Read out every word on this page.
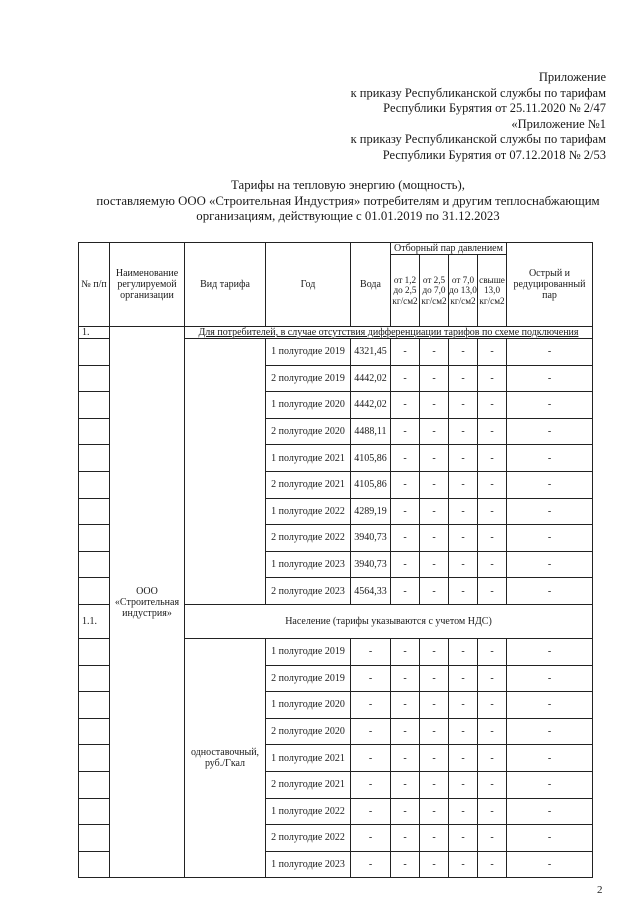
Приложение
к приказу Республиканской службы по тарифам
Республики Бурятия от 25.11.2020 № 2/47
«Приложение №1
к приказу Республиканской службы по тарифам
Республики Бурятия от 07.12.2018 № 2/53
Тарифы на тепловую энергию (мощность),
поставляемую ООО «Строительная Индустрия» потребителям и другим теплоснабжающим
организациям, действующие с 01.01.2019 по 31.12.2023
№ п/п	Наименование регулируемой организации	Вид тарифа	Год	Вода	Отборный пар давлением				Острый и редуцированный пар
					от 1,2 до 2,5 кг/см2	от 2,5 до 7,0 кг/см2	от 7,0 до 13,0 кг/см2	свыше 13,0 кг/см2	
1.	ООО «Строительная индустрия»	Для потребителей, в случае отсутствия дифференциации тарифов по схеме подключения							
			1 полугодие 2019	4321,45	-	-	-	-	-
			2 полугодие 2019	4442,02	-	-	-	-	-
			1 полугодие 2020	4442,02	-	-	-	-	-
			2 полугодие 2020	4488,11	-	-	-	-	-
			1 полугодие 2021	4105,86	-	-	-	-	-
			2 полугодие 2021	4105,86	-	-	-	-	-
			1 полугодие 2022	4289,19	-	-	-	-	-
			2 полугодие 2022	3940,73	-	-	-	-	-
			1 полугодие 2023	3940,73	-	-	-	-	-
			2 полугодие 2023	4564,33	-	-	-	-	-
1.1.		Население (тарифы указываются с учетом НДС)							
		одноставочный, руб./Гкал	1 полугодие 2019	-	-	-	-	-	-
			2 полугодие 2019	-	-	-	-	-	-
			1 полугодие 2020	-	-	-	-	-	-
			2 полугодие 2020	-	-	-	-	-	-
			1 полугодие 2021	-	-	-	-	-	-
			2 полугодие 2021	-	-	-	-	-	-
			1 полугодие 2022	-	-	-	-	-	-
			2 полугодие 2022	-	-	-	-	-	-
			1 полугодие 2023	-	-	-	-	-	-
2
